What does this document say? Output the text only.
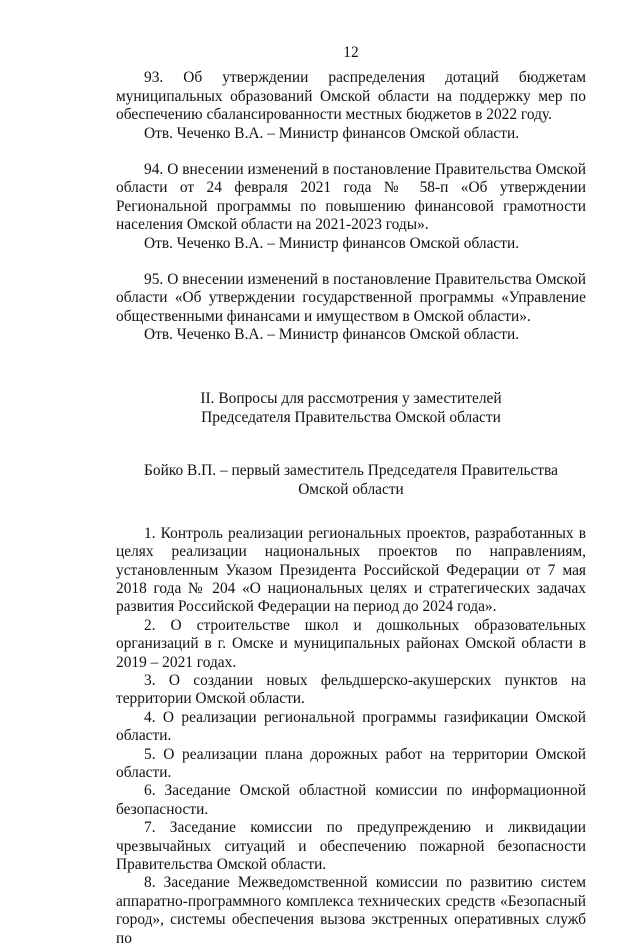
12

93. Об утверждении распределения дотаций бюджетам муниципальных образований Омской области на поддержку мер по обеспечению сбалансированности местных бюджетов в 2022 году.

Отв. Чеченко В.А. – Министр финансов Омской области.

94. О внесении изменений в постановление Правительства Омской области от 24 февраля 2021 года № 58-п «Об утверждении Региональной программы по повышению финансовой грамотности населения Омской области на 2021-2023 годы».

Отв. Чеченко В.А. – Министр финансов Омской области.

95. О внесении изменений в постановление Правительства Омской области «Об утверждении государственной программы «Управление общественными финансами и имуществом в Омской области».

Отв. Чеченко В.А. – Министр финансов Омской области.

II. Вопросы для рассмотрения у заместителей
Председателя Правительства Омской области
Бойко В.П. – первый заместитель Председателя Правительства
Омской области

1. Контроль реализации региональных проектов, разработанных в целях реализации национальных проектов по направлениям, установленным Указом Президента Российской Федерации от 7 мая 2018 года № 204 «О национальных целях и стратегических задачах развития Российской Федерации на период до 2024 года».

2. О строительстве школ и дошкольных образовательных организаций в г. Омске и муниципальных районах Омской области в 2019 – 2021 годах.

3. О создании новых фельдшерско-акушерских пунктов на территории Омской области.

4. О реализации региональной программы газификации Омской области.

5. О реализации плана дорожных работ на территории Омской области.

6. Заседание Омской областной комиссии по информационной безопасности.

7. Заседание комиссии по предупреждению и ликвидации чрезвычайных ситуаций и обеспечению пожарной безопасности Правительства Омской области.

8. Заседание Межведомственной комиссии по развитию систем аппаратно-программного комплекса технических средств «Безопасный город», системы обеспечения вызова экстренных оперативных служб по
